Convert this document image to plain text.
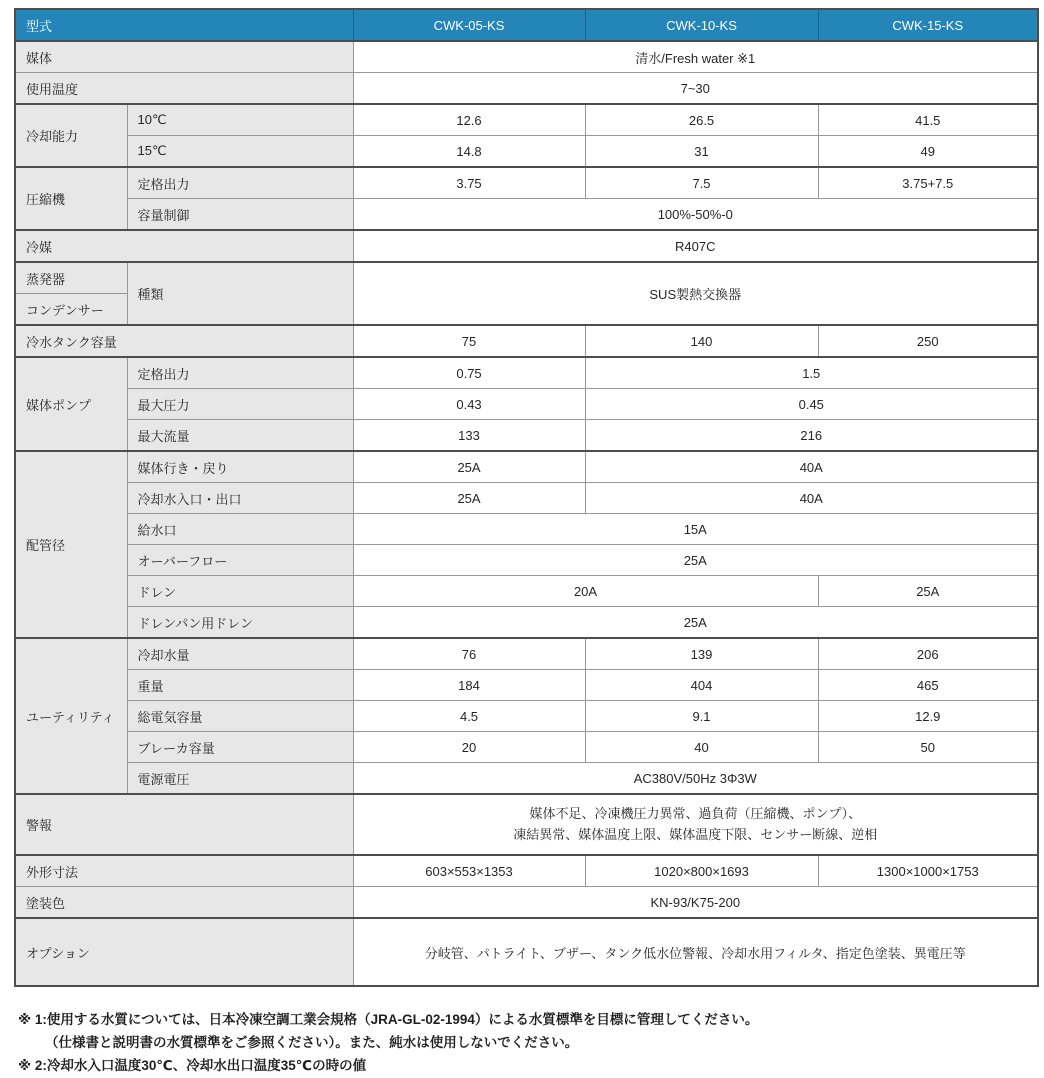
型式		CWK-05-KS	CWK-10-KS	CWK-15-KS
媒体		清水/Fresh water ※1		
使用温度		7~30		
冷却能力	10℃	12.6	26.5	41.5
	15℃	14.8	31	49
圧縮機	定格出力	3.75	7.5	3.75+7.5
	容量制御	100%-50%-0		
冷媒		R407C		
蒸発器	種類	SUS製熱交換器		
コンデンサー				
冷水タンク容量		75	140	250
媒体ポンプ	定格出力	0.75	1.5	
	最大圧力	0.43	0.45	
	最大流量	133	216	
配管径	媒体行き・戻り	25A	40A	
	冷却水入口・出口	25A	40A	
	給水口	15A		
	オーバーフロー	25A		
	ドレン	20A		25A
	ドレンパン用ドレン	25A		
ユーティリティ	冷却水量	76	139	206
	重量	184	404	465
	総電気容量	4.5	9.1	12.9
	ブレーカ容量	20	40	50
	電源電圧	AC380V/50Hz 3Φ3W		
警報		媒体不足、冷凍機圧力異常、過負荷（圧縮機、ポンプ）、
凍結異常、媒体温度上限、媒体温度下限、センサー断線、逆相		

外形寸法		603×553×1353	1020×800×1693	1300×1000×1753
塗装色		KN-93/K75-200		
オプション		分岐管、パトライト、ブザー、タンク低水位警報、冷却水用フィルタ、指定色塗装、異電圧等		
※ 1:使用する水質については、日本冷凍空調工業会規格（JRA-GL-02-1994）による水質標準を目標に管理してください。
（仕様書と説明書の水質標準をご参照ください）。また、純水は使用しないでください。
※ 2:冷却水入口温度30℃、冷却水出口温度35℃の時の値
